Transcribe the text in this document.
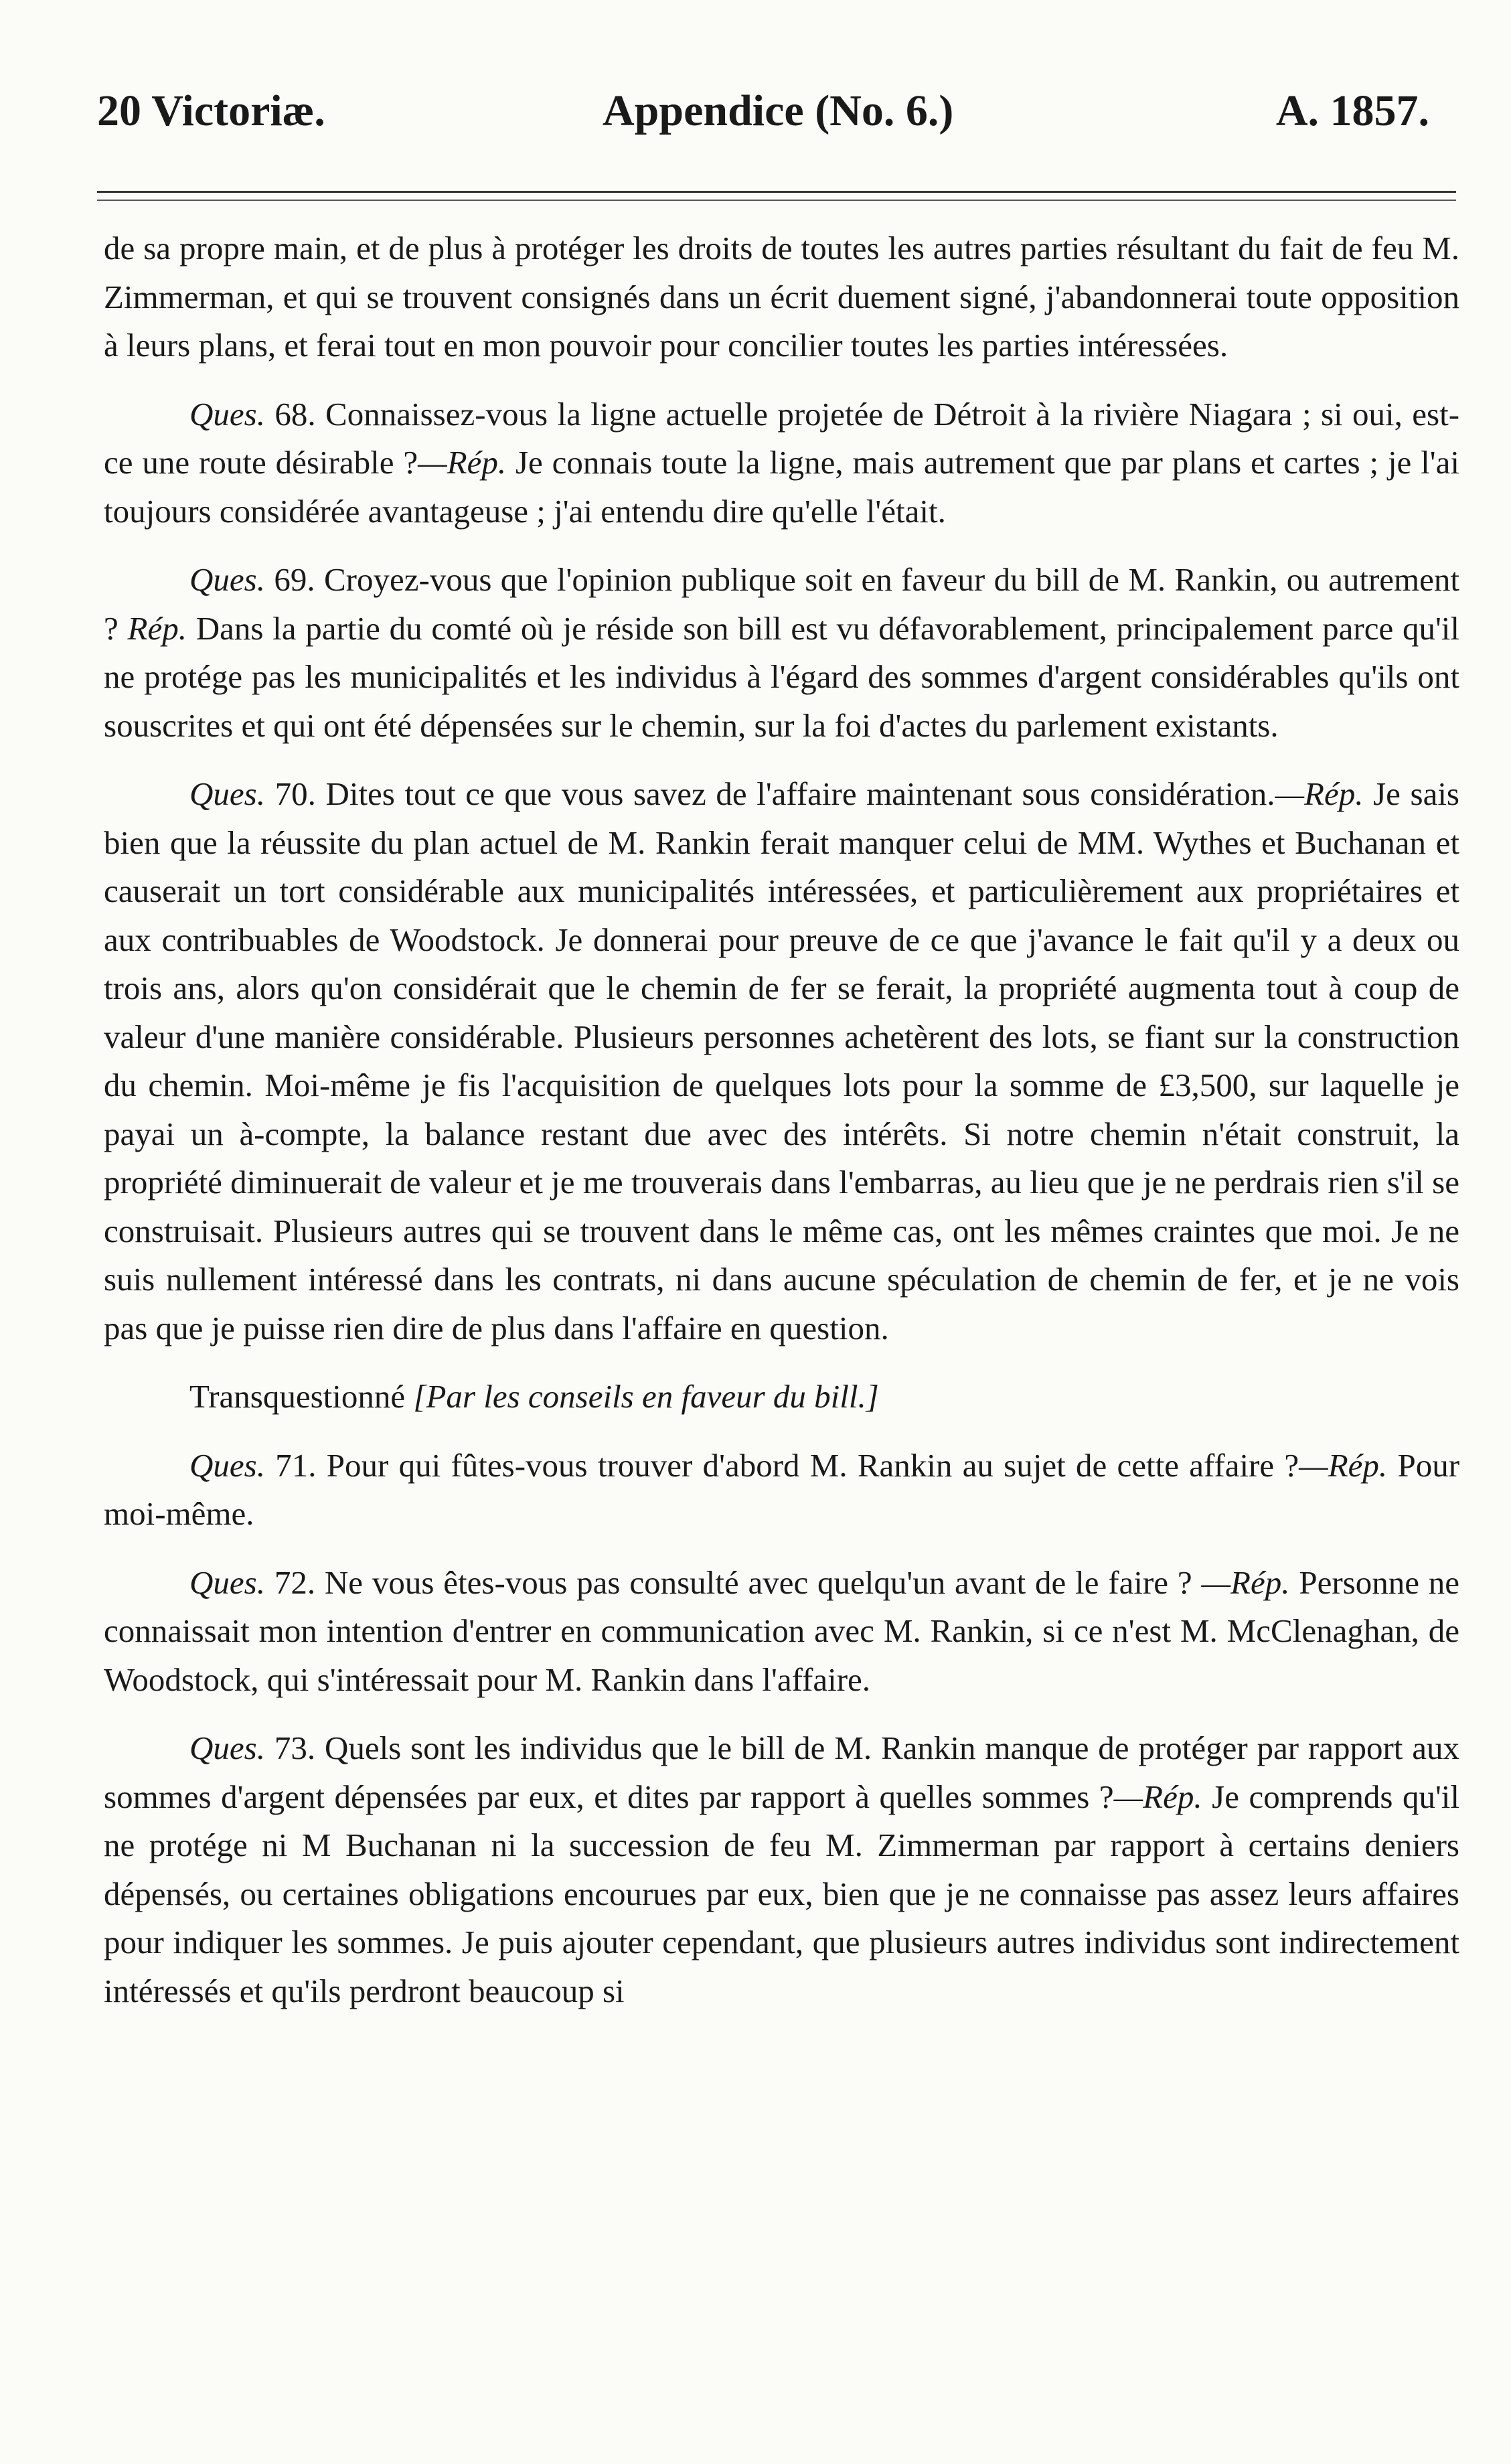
20 Victoriæ.	Appendice (No. 6.)	A. 1857.

de sa propre main, et de plus à protéger les droits de toutes les autres parties résultant du fait de feu M. Zimmerman, et qui se trouvent consignés dans un écrit duement signé, j'abandonnerai toute opposition à leurs plans, et ferai tout en mon pouvoir pour concilier toutes les parties intéressées.

Ques. 68. Connaissez-vous la ligne actuelle projetée de Détroit à la rivière Niagara ; si oui, est-ce une route désirable ?—Rép. Je connais toute la ligne, mais autrement que par plans et cartes ; je l'ai toujours considérée avantageuse ; j'ai entendu dire qu'elle l'était.

Ques. 69. Croyez-vous que l'opinion publique soit en faveur du bill de M. Rankin, ou autrement ? Rép. Dans la partie du comté où je réside son bill est vu défavorablement, principalement parce qu'il ne protége pas les municipalités et les individus à l'égard des sommes d'argent considérables qu'ils ont souscrites et qui ont été dépensées sur le chemin, sur la foi d'actes du parlement existants.

Ques. 70. Dites tout ce que vous savez de l'affaire maintenant sous considération.—Rép. Je sais bien que la réussite du plan actuel de M. Rankin ferait manquer celui de MM. Wythes et Buchanan et causerait un tort considérable aux municipalités intéressées, et particulièrement aux propriétaires et aux contribuables de Woodstock. Je donnerai pour preuve de ce que j'avance le fait qu'il y a deux ou trois ans, alors qu'on considérait que le chemin de fer se ferait, la propriété augmenta tout à coup de valeur d'une manière considérable. Plusieurs personnes achetèrent des lots, se fiant sur la construction du chemin. Moi-même je fis l'acquisition de quelques lots pour la somme de £3,500, sur laquelle je payai un à-compte, la balance restant due avec des intérêts. Si notre chemin n'était construit, la propriété diminuerait de valeur et je me trouverais dans l'embarras, au lieu que je ne perdrais rien s'il se construisait. Plusieurs autres qui se trouvent dans le même cas, ont les mêmes craintes que moi. Je ne suis nullement intéressé dans les contrats, ni dans aucune spéculation de chemin de fer, et je ne vois pas que je puisse rien dire de plus dans l'affaire en question.

Transquestionné [Par les conseils en faveur du bill.]

Ques. 71. Pour qui fûtes-vous trouver d'abord M. Rankin au sujet de cette affaire ?—Rép. Pour moi-même.

Ques. 72. Ne vous êtes-vous pas consulté avec quelqu'un avant de le faire ? —Rép. Personne ne connaissait mon intention d'entrer en communication avec M. Rankin, si ce n'est M. McClenaghan, de Woodstock, qui s'intéressait pour M. Rankin dans l'affaire.

Ques. 73. Quels sont les individus que le bill de M. Rankin manque de protéger par rapport aux sommes d'argent dépensées par eux, et dites par rapport à quelles sommes ?—Rép. Je comprends qu'il ne protége ni M Buchanan ni la succession de feu M. Zimmerman par rapport à certains deniers dépensés, ou certaines obligations encourues par eux, bien que je ne connaisse pas assez leurs affaires pour indiquer les sommes. Je puis ajouter cependant, que plusieurs autres individus sont indirectement intéressés et qu'ils perdront beaucoup si
